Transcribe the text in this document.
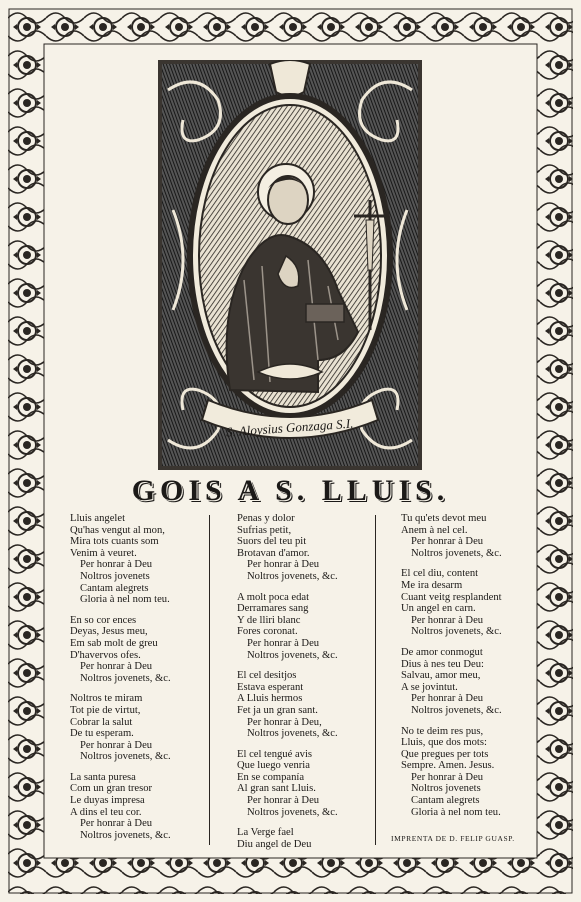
S. Aloysius Gonzaga S.I.
GOIS A S. LLUIS.
Lluis angelet
Qu'has vengut al mon,
Mira tots cuants som
Venim à veuret.
Per honrar à Deu
Noltros jovenets
Cantam alegrets
Gloria à nel nom teu.
En so cor ences
Deyas, Jesus meu,
Em sab molt de greu
D'havervos ofes.
Per honrar à Deu
Noltros jovenets, &c.
Noltros te miram
Tot pie de virtut,
Cobrar la salut
De tu esperam.
Per honrar à Deu
Noltros jovenets, &c.
La santa puresa
Com un gran tresor
Le duyas impresa
A dins el teu cor.
Per honrar à Deu
Noltros jovenets, &c.
Penas y dolor
Sufrias petit,
Suors del teu pit
Brotavan d'amor.
Per honrar à Deu
Noltros jovenets, &c.
A molt poca edat
Derramares sang
Y de lliri blanc
Fores coronat.
Per honrar à Deu
Noltros jovenets, &c.
El cel desitjos
Estava esperant
A Lluis hermos
Fet ja un gran sant.
Per honrar à Deu,
Noltros jovenets, &c.
El cel tengué avis
Que luego venria
En se companía
Al gran sant Lluis.
Per honrar à Deu
Noltros jovenets, &c.
La Verge fael
Diu angel de Deu
Tu qu'ets devot meu
Anem à nel cel.
Per honrar à Deu
Noltros jovenets, &c.
El cel diu, content
Me ira desarm
Cuant veitg resplandent
Un angel en carn.
Per honrar à Deu
Noltros jovenets, &c.
De amor conmogut
Dius à nes teu Deu:
Salvau, amor meu,
A se jovintut.
Per honrar à Deu
Noltros jovenets, &c.
No te deim res pus,
Lluis, que dos mots:
Que pregues per tots
Sempre. Amen. Jesus.
Per honrar à Deu
Noltros jovenets
Cantam alegrets
Gloria à nel nom teu.
IMPRENTA DE D. FELIP GUASP.
